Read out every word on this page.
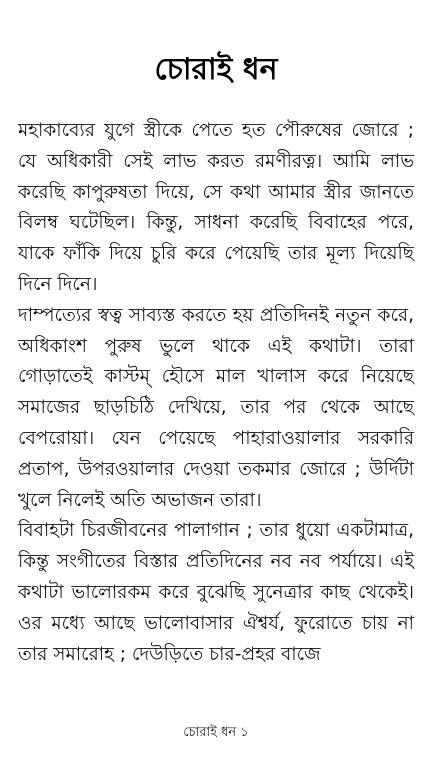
চোরাই ধন

মহাকাব্যের যুগে স্ত্রীকে পেতে হত পৌরুষের জোরে ; যে অধিকারী সেই লাভ করত রমণীরত্ন। আমি লাভ করেছি কাপুরুষতা দিয়ে, সে কথা আমার স্ত্রীর জানতে বিলম্ব ঘটেছিল। কিন্তু, সাধনা করেছি বিবাহের পরে, যাকে ফাঁকি দিয়ে চুরি করে পেয়েছি তার মূল্য দিয়েছি দিনে দিনে।

দাম্পত্যের স্বত্ব সাব্যস্ত করতে হয় প্রতিদিনই নতুন করে, অধিকাংশ পুরুষ ভুলে থাকে এই কথাটা। তারা গোড়াতেই কাস্টম্ হৌসে মাল খালাস করে নিয়েছে সমাজের ছাড়চিঠি দেখিয়ে, তার পর থেকে আছে বেপরোয়া। যেন পেয়েছে পাহারাওয়ালার সরকারি প্রতাপ, উপরওয়ালার দেওয়া তকমার জোরে ; উর্দিটা খুলে নিলেই অতি অভাজন তারা।

বিবাহটা চিরজীবনের পালাগান ; তার ধুয়ো একটামাত্র, কিন্তু সংগীতের বিস্তার প্রতিদিনের নব নব পর্যায়ে। এই কথাটা ভালোরকম করে বুঝেছি সুনেত্রার কাছ থেকেই। ওর মধ্যে আছে ভালোবাসার ঐশ্বর্য, ফুরোতে চায় না তার সমারোহ ; দেউড়িতে চার-প্রহর বাজে

চোরাই ধন ১
